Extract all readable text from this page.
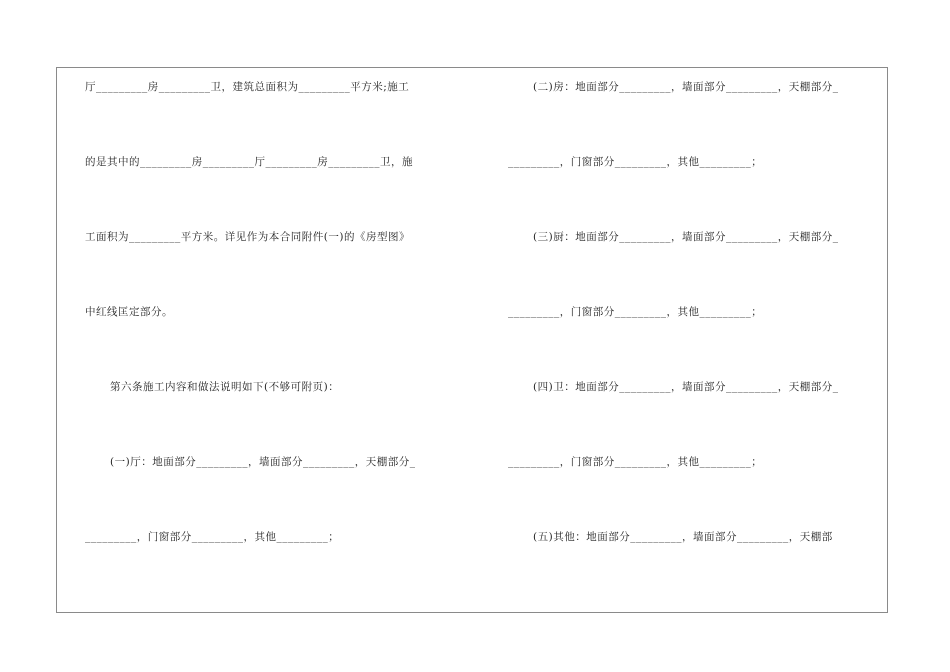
厅_________房_________卫，建筑总面积为_________平方米;施工
的是其中的_________房_________厅_________房_________卫，施
工面积为_________平方米。详见作为本合同附件(一)的《房型图》
中红线匡定部分。
第六条施工内容和做法说明如下(不够可附页)：
(一)厅：地面部分_________，墙面部分_________，天棚部分_
_________，门窗部分_________，其他_________；
(二)房：地面部分_________，墙面部分_________，天棚部分_
_________，门窗部分_________，其他_________；
(三)厨：地面部分_________，墙面部分_________，天棚部分_
_________，门窗部分_________，其他_________；
(四)卫：地面部分_________，墙面部分_________，天棚部分_
_________，门窗部分_________，其他_________；
(五)其他：地面部分_________，墙面部分_________，天棚部
